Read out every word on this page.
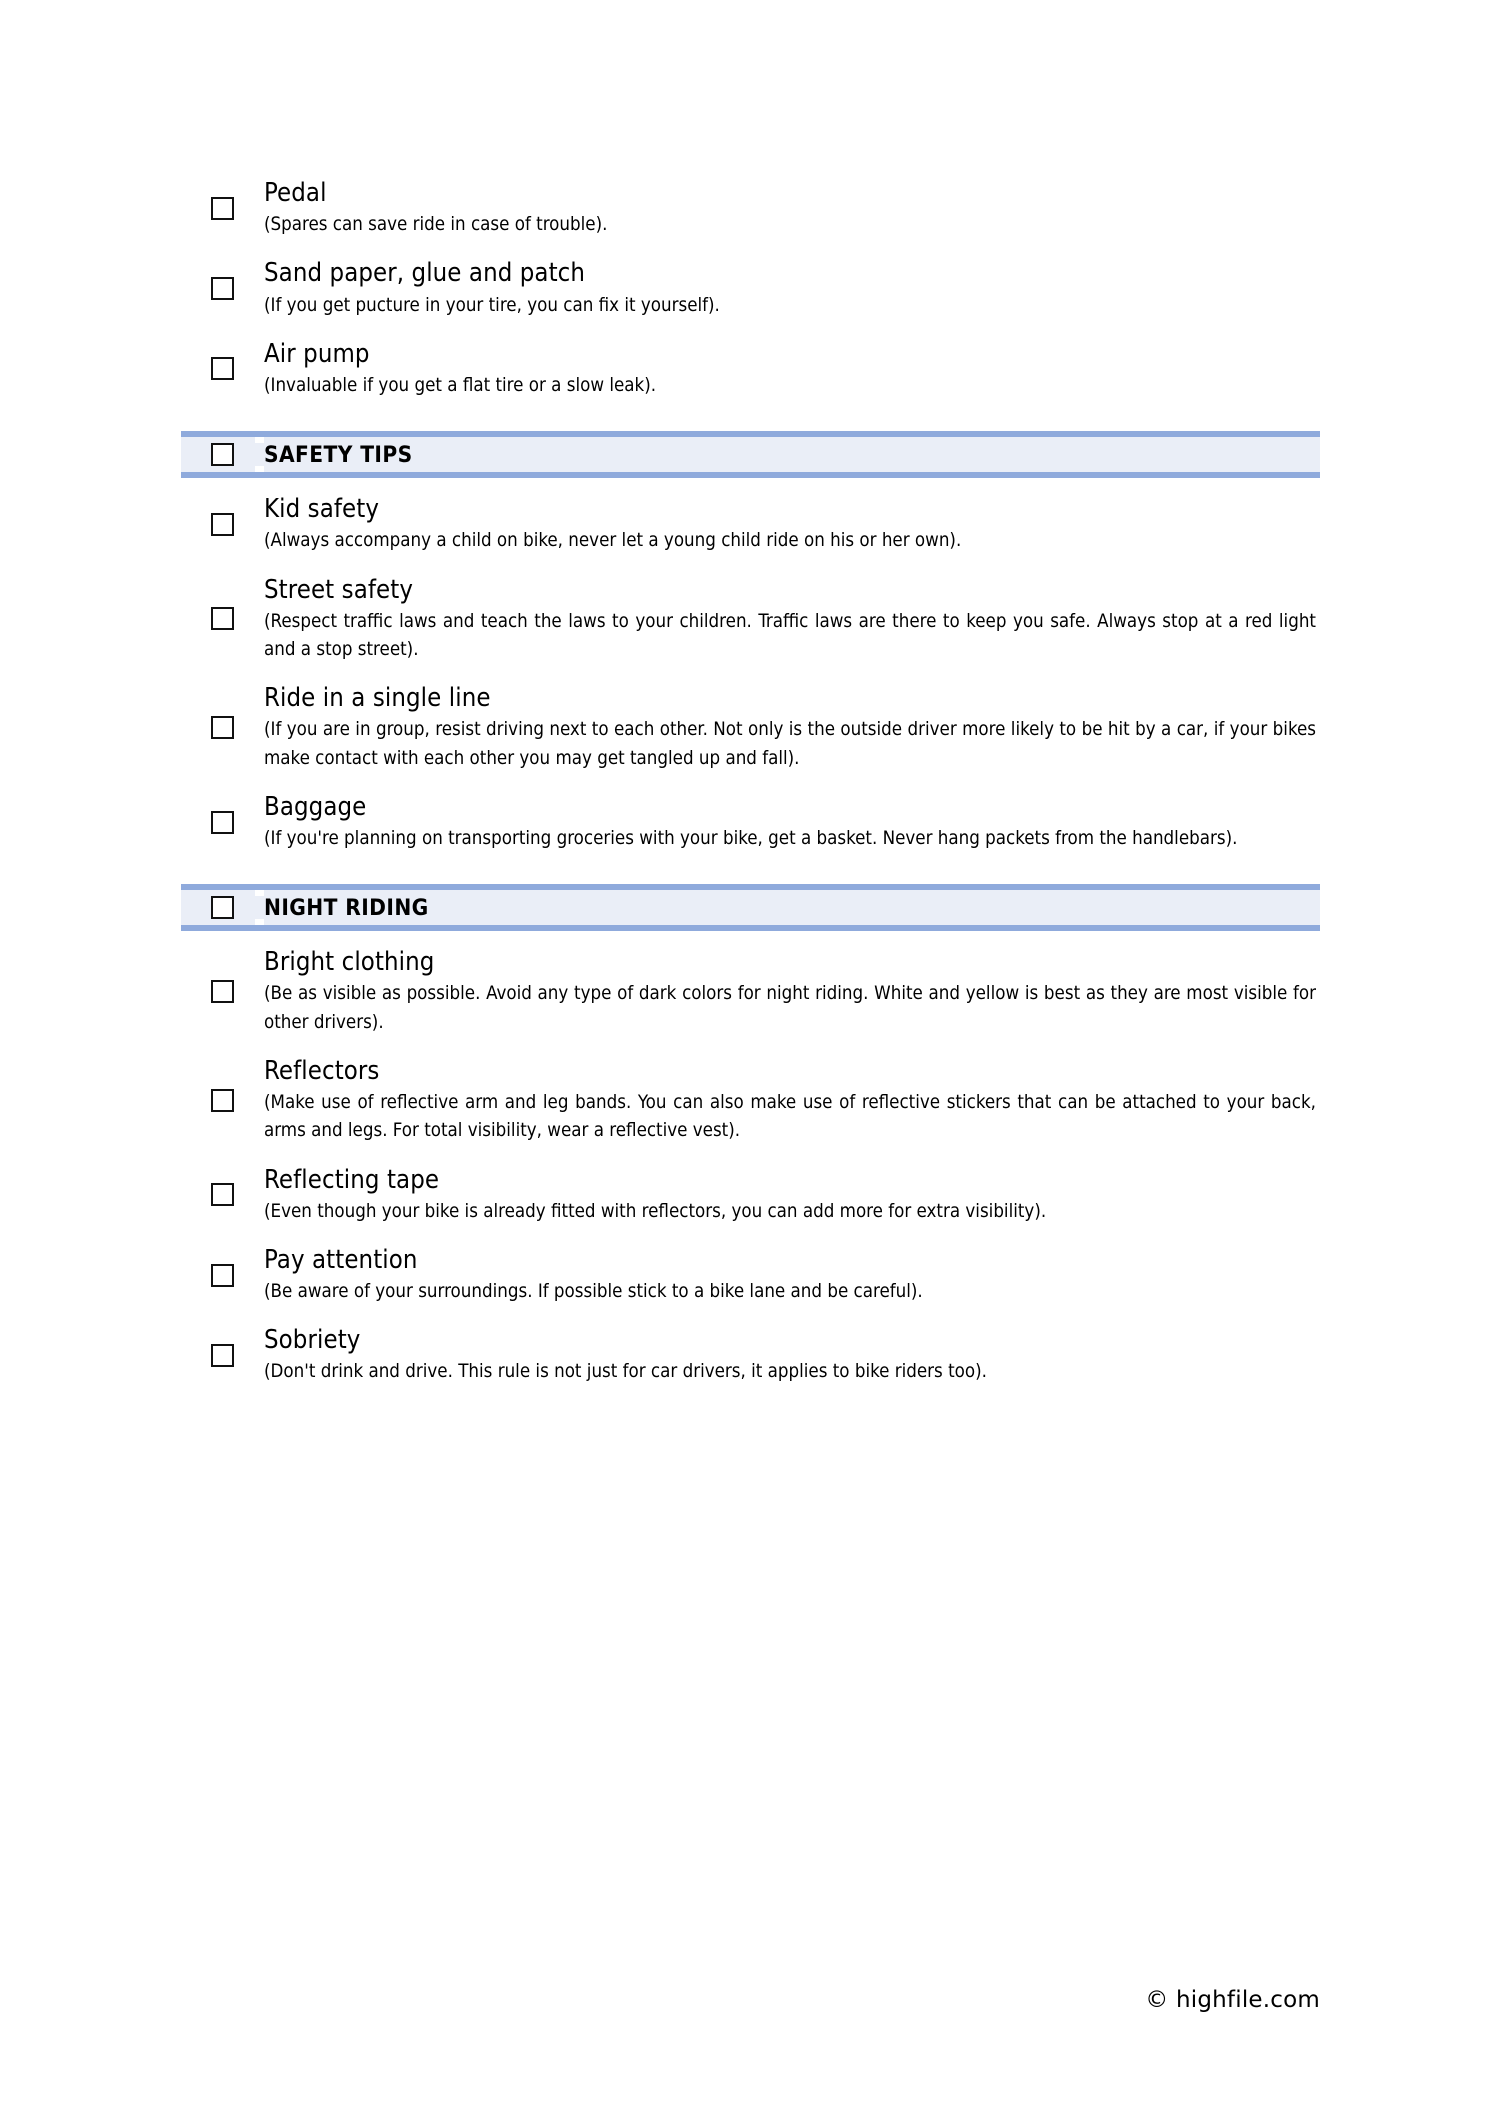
Pedal
(Spares can save ride in case of trouble).
Sand paper, glue and patch
(If you get pucture in your tire, you can fix it yourself).
Air pump
(Invaluable if you get a flat tire or a slow leak).
SAFETY TIPS
Kid safety
(Always accompany a child on bike, never let a young child ride on his or her own).
Street safety
(Respect traffic laws and teach the laws to your children. Traffic laws are there to keep you safe. Always stop at a red light and a stop street).
Ride in a single line
(If you are in group, resist driving next to each other. Not only is the outside driver more likely to be hit by a car, if your bikes make contact with each other you may get tangled up and fall).
Baggage
(If you're planning on transporting groceries with your bike, get a basket. Never hang packets from the handlebars).
NIGHT RIDING
Bright clothing
(Be as visible as possible. Avoid any type of dark colors for night riding. White and yellow is best as they are most visible for other drivers).
Reflectors
(Make use of reflective arm and leg bands. You can also make use of reflective stickers that can be attached to your back, arms and legs. For total visibility, wear a reflective vest).
Reflecting tape
(Even though your bike is already fitted with reflectors, you can add more for extra visibility).
Pay attention
(Be aware of your surroundings. If possible stick to a bike lane and be careful).
Sobriety
(Don't drink and drive. This rule is not just for car drivers, it applies to bike riders too).
© highfile.com
